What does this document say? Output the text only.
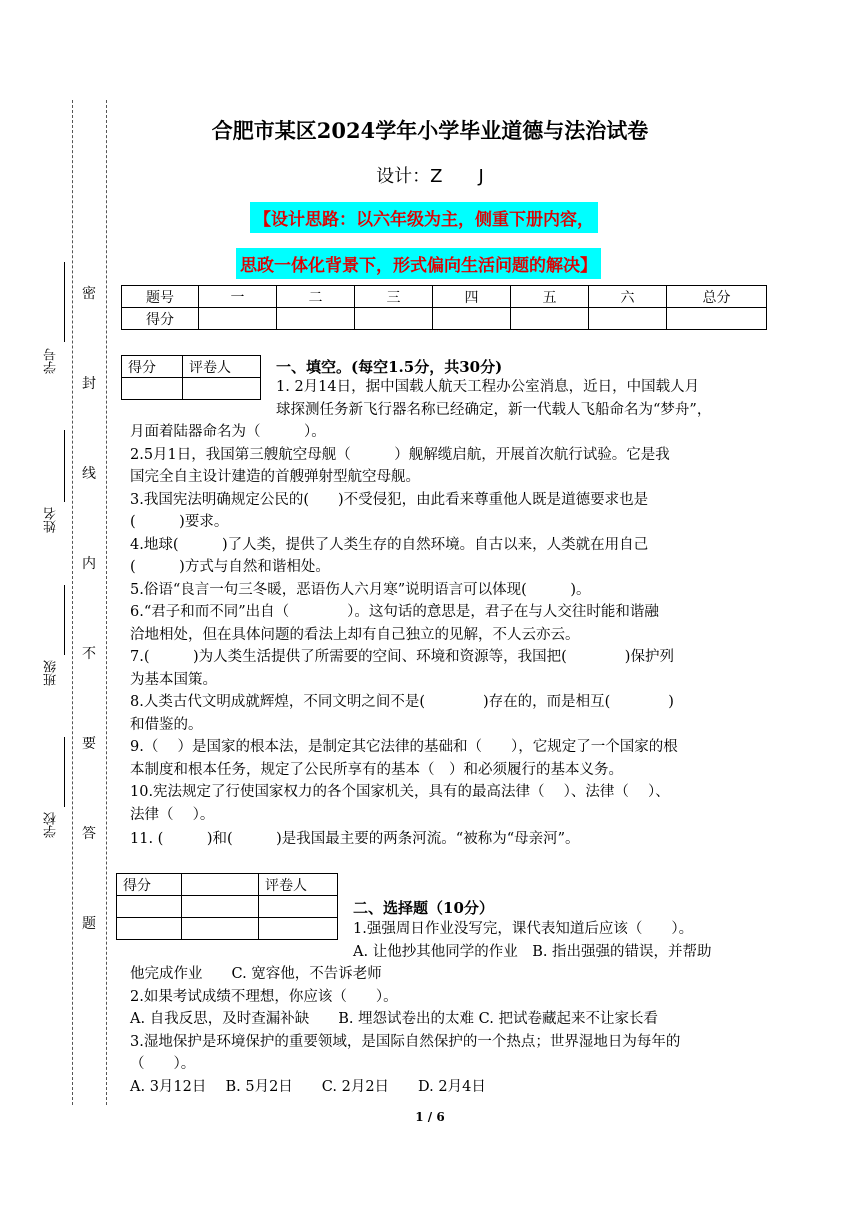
密
封
线
内
不
要
答
题
学号
姓名
班级
学校
合肥市某区2024学年小学毕业道德与法治试卷
设计：Z　　J
【设计思路：以六年级为主，侧重下册内容，
思政一体化背景下，形式偏向生活问题的解决】
题号	一	二	三	四	五	六	总分
得分							
得分	评卷人
		一、填空。(每空1.5分，共30分)
1. 2月14日，据中国载人航天工程办公室消息，近日，中国载人月
球探测任务新飞行器名称已经确定，新一代载人飞船命名为“梦舟”，
月面着陆器命名为（　　　）。
2.5月1日，我国第三艘航空母舰（　　　）舰解缆启航，开展首次航行试验。它是我
国完全自主设计建造的首艘弹射型航空母舰。
3.我国宪法明确规定公民的(　　)不受侵犯，由此看来尊重他人既是道德要求也是
(　　　)要求。
4.地球(　　　)了人类，提供了人类生存的自然环境。自古以来，人类就在用自己
(　　　)方式与自然和谐相处。
5.俗语“良言一句三冬暖，恶语伤人六月寒”说明语言可以体现(　　　)。
6.“君子和而不同”出自（　　　　）。这句话的意思是，君子在与人交往时能和谐融
洽地相处，但在具体问题的看法上却有自己独立的见解，不人云亦云。
7.(　　　)为人类生活提供了所需要的空间、环境和资源等，我国把(　　　　)保护列
为基本国策。
8.人类古代文明成就辉煌，不同文明之间不是(　　　　)存在的，而是相互(　　　　)
和借鉴的。
9.（　 ）是国家的根本法，是制定其它法律的基础和（　　），它规定了一个国家的根
本制度和根本任务，规定了公民所享有的基本（　）和必须履行的基本义务。
10.宪法规定了行使国家权力的各个国家机关，具有的最高法律（　 ）、法律（　 ）、
法律（　 ）。
11. (　　　)和(　　　)是我国最主要的两条河流。“被称为“母亲河”。
得分		评卷人

二、选择题（10分）
1.强强周日作业没写完，课代表知道后应该（　　）。
A. 让他抄其他同学的作业　B. 指出强强的错误，并帮助
他完成作业　　C. 宽容他，不告诉老师
2.如果考试成绩不理想，你应该（　　）。
A. 自我反思，及时查漏补缺　　B. 埋怨试卷出的太难 C. 把试卷藏起来不让家长看
3.湿地保护是环境保护的重要领域，是国际自然保护的一个热点；世界湿地日为每年的
（　　）。
A. 3月12日　 B. 5月2日　　C. 2月2日　　D. 2月4日
1 / 6
